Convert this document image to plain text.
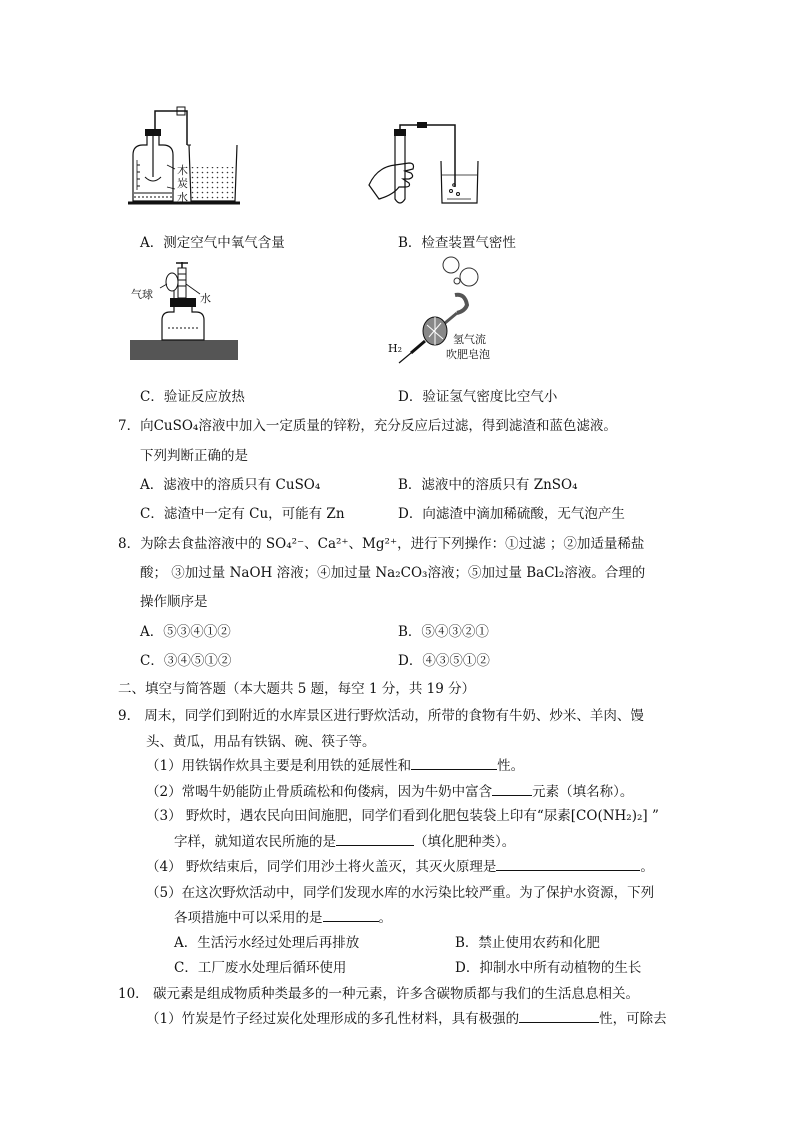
木
炭
水
A．测定空气中氧气含量	B．检查装置气密性
气球	水
H₂
氢气流
吹肥皂泡
C．验证反应放热	D．验证氢气密度比空气小
7．向CuSO₄溶液中加入一定质量的锌粉，充分反应后过滤，得到滤渣和蓝色滤液。
下列判断正确的是
A．滤液中的溶质只有 CuSO₄	B．滤液中的溶质只有 ZnSO₄
C．滤渣中一定有 Cu，可能有 Zn	D．向滤渣中滴加稀硫酸，无气泡产生
8．为除去食盐溶液中的 SO₄²⁻、Ca²⁺、Mg²⁺，进行下列操作：①过滤 ；②加适量稀盐
酸； ③加过量 NaOH 溶液；④加过量 Na₂CO₃溶液；⑤加过量 BaCl₂溶液。合理的
操作顺序是
A．⑤③④①②	B．⑤④③②①
C．③④⑤①②	D．④③⑤①②
二、填空与简答题（本大题共 5 题，每空 1 分，共 19 分）
9． 周末，同学们到附近的水库景区进行野炊活动，所带的食物有牛奶、炒米、羊肉、馒
头、黄瓜，用品有铁锅、碗、筷子等。
（1）用铁锅作炊具主要是利用铁的延展性和	性。
（2）常喝牛奶能防止骨质疏松和佝偻病，因为牛奶中富含	元素（填名称）。
（3） 野炊时，遇农民向田间施肥，同学们看到化肥包装袋上印有“尿素[CO(NH₂)₂] ”
字样，就知道农民所施的是	（填化肥种类）。
（4） 野炊结束后，同学们用沙土将火盖灭，其灭火原理是	。
（5）在这次野炊活动中，同学们发现水库的水污染比较严重。为了保护水资源，下列
各项措施中可以采用的是	。
A．生活污水经过处理后再排放	B．禁止使用农药和化肥
C．工厂废水处理后循环使用	D．抑制水中所有动植物的生长
10． 碳元素是组成物质种类最多的一种元素，许多含碳物质都与我们的生活息息相关。
（1）竹炭是竹子经过炭化处理形成的多孔性材料，具有极强的	性，可除去
